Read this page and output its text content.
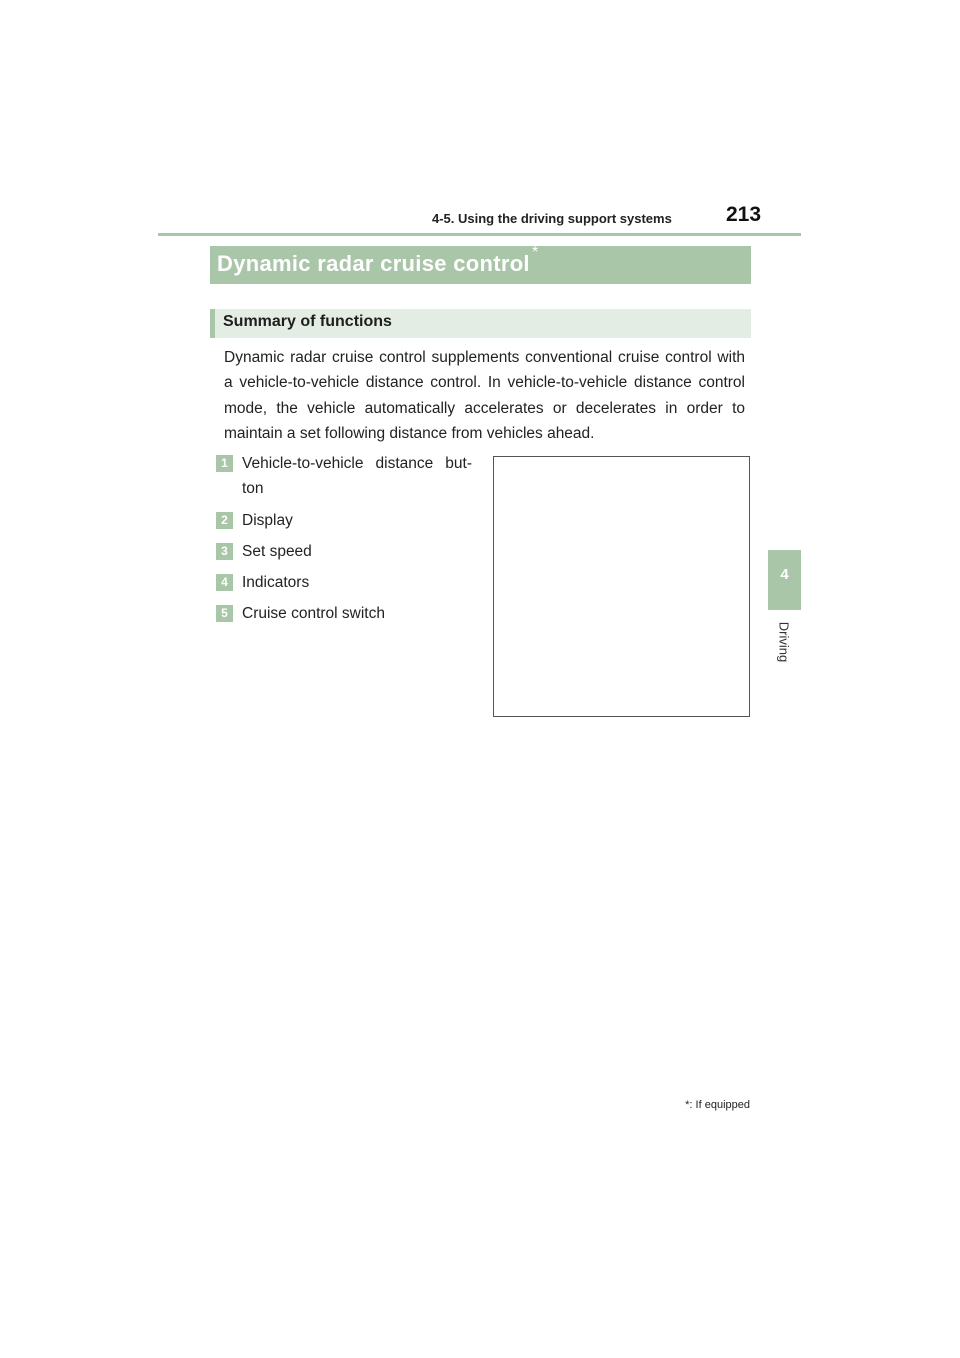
4-5. Using the driving support systems	213
4
Driving
Dynamic radar cruise control *
Summary of functions
Dynamic radar cruise control supplements conventional cruise control with a vehicle-to-vehicle distance control. In vehicle-to-vehicle distance control mode, the vehicle automatically accelerates or decelerates in order to maintain a set following distance from vehicles ahead.
1 Vehicle-to-vehicle distance but-ton
2 Display
3 Set speed
4 Indicators
5 Cruise control switch
*: If equipped
